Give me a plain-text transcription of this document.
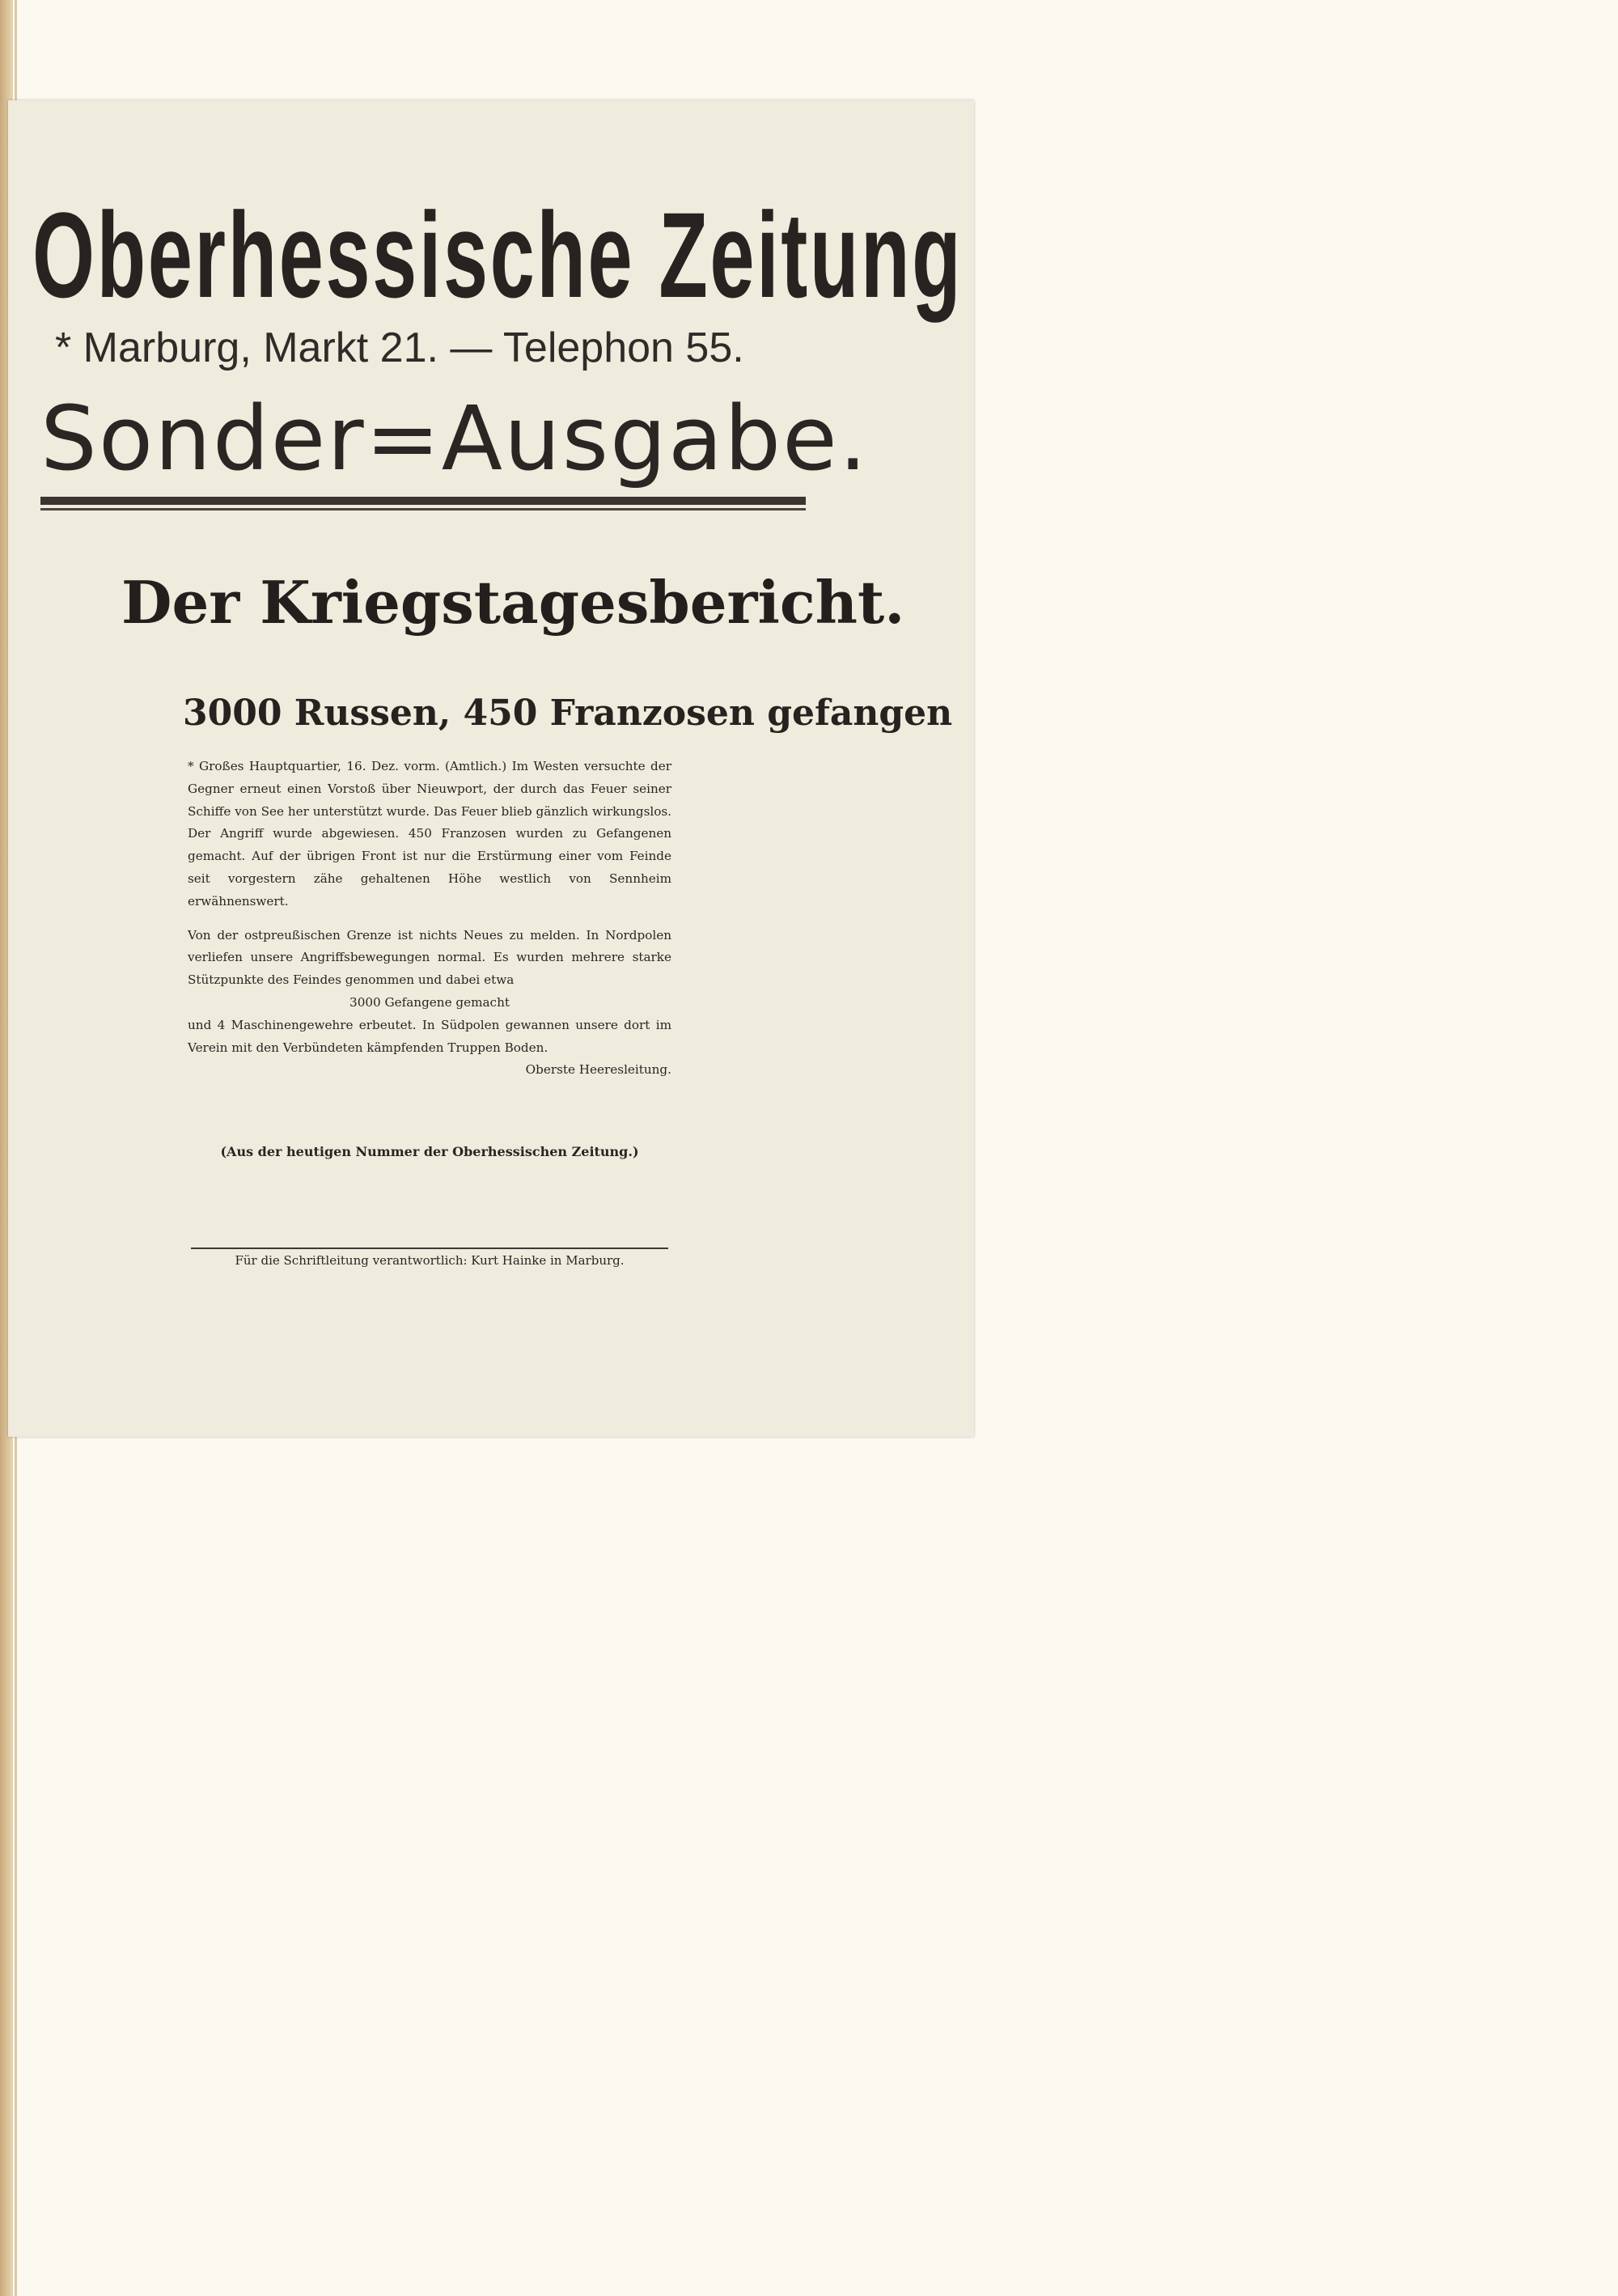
Oberhessische Zeitung
* Marburg, Markt 21. — Telephon 55.
Sonder=Ausgabe.
Der Kriegstagesbericht.
3000 Russen, 450 Franzosen gefangen

* Großes Hauptquartier, 16. Dez. vorm. (Amtlich.) Im Westen versuchte der Gegner erneut einen Vorstoß über Nieuwport, der durch das Feuer seiner Schiffe von See her unterstützt wurde. Das Feuer blieb gänzlich wirkungslos. Der Angriff wurde abgewiesen. 450 Franzosen wurden zu Gefangenen gemacht. Auf der übrigen Front ist nur die Erstürmung einer vom Feinde seit vorgestern zähe gehaltenen Höhe westlich von Sennheim erwähnenswert.

Von der ostpreußischen Grenze ist nichts Neues zu melden. In Nordpolen verliefen unsere Angriffsbewegungen normal. Es wurden mehrere starke Stützpunkte des Feindes genommen und dabei etwa

3000 Gefangene gemacht

und 4 Maschinengewehre erbeutet. In Südpolen gewannen unsere dort im Verein mit den Verbündeten kämpfenden Truppen Boden.

Oberste Heeresleitung.

(Aus der heutigen Nummer der Oberhessischen Zeitung.)
Für die Schriftleitung verantwortlich: Kurt Hainke in Marburg.
